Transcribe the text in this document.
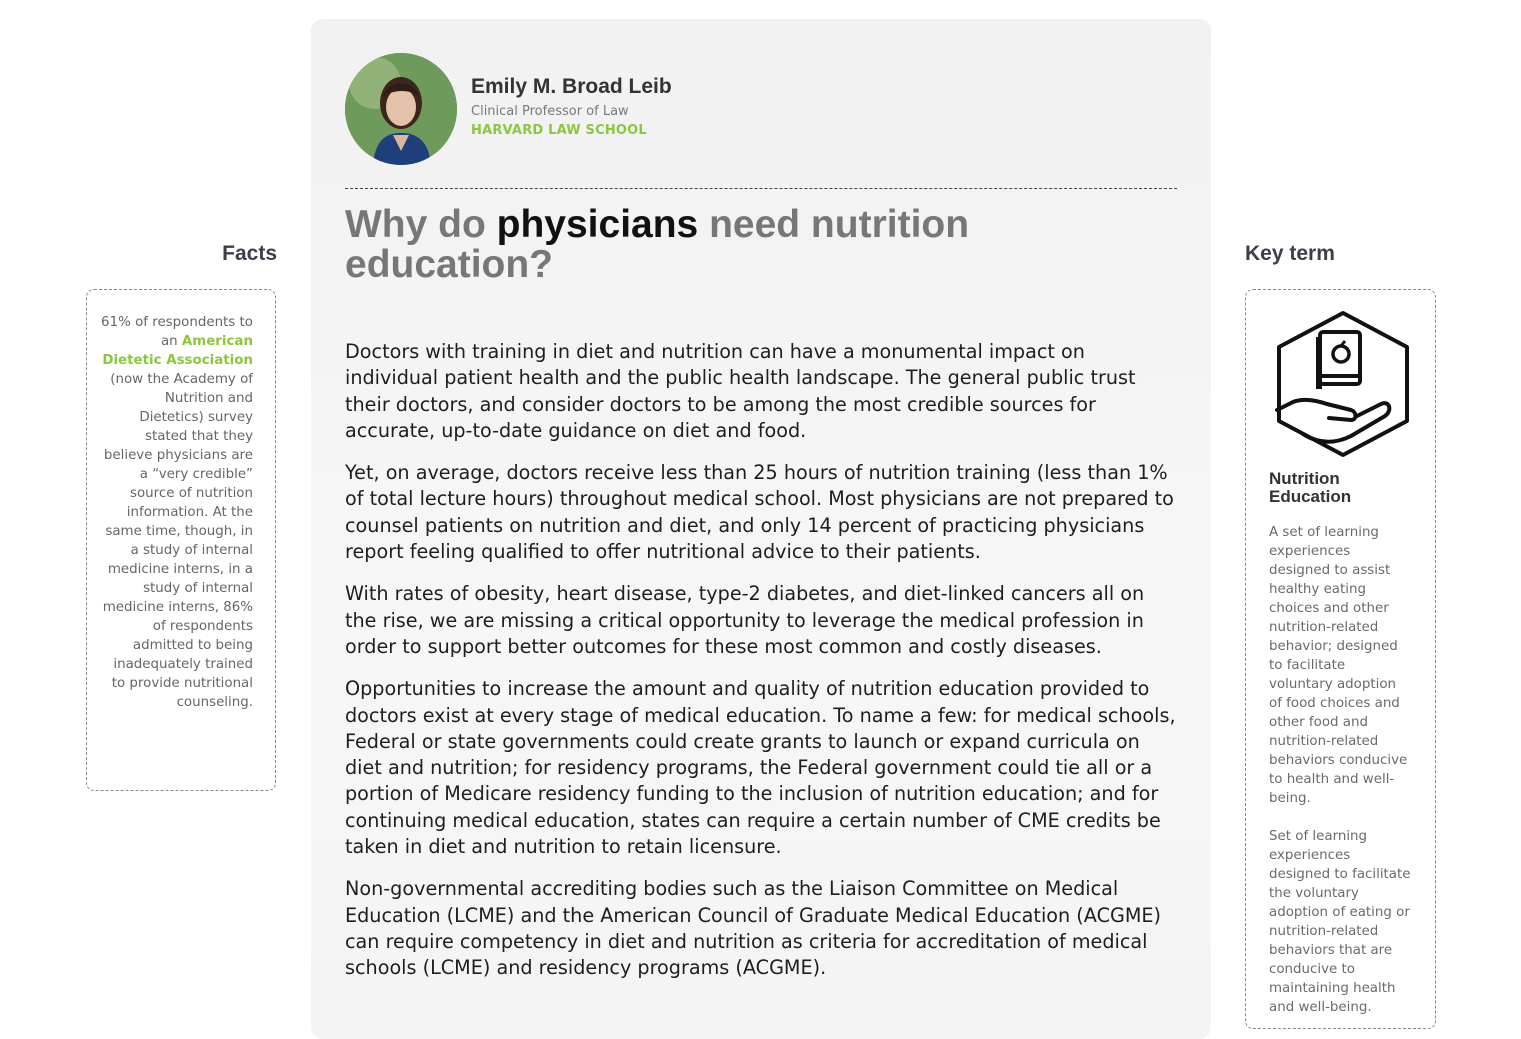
Emily M. Broad Leib
Clinical Professor of Law
HARVARD LAW SCHOOL
Why do physicians need nutrition education?

Doctors with training in diet and nutrition can have a monumental impact on individual patient health and the public health landscape. The general public trust their doctors, and consider doctors to be among the most credible sources for accurate, up-to-date guidance on diet and food.

Yet, on average, doctors receive less than 25 hours of nutrition training (less than 1% of total lecture hours) throughout medical school. Most physicians are not prepared to counsel patients on nutrition and diet, and only 14 percent of practicing physicians report feeling qualified to offer nutritional advice to their patients.

With rates of obesity, heart disease, type-2 diabetes, and diet-linked cancers all on the rise, we are missing a critical opportunity to leverage the medical profession in order to support better outcomes for these most common and costly diseases.

Opportunities to increase the amount and quality of nutrition education provided to doctors exist at every stage of medical education. To name a few: for medical schools, Federal or state governments could create grants to launch or expand curricula on diet and nutrition; for residency programs, the Federal government could tie all or a portion of Medicare residency funding to the inclusion of nutrition education; and for continuing medical education, states can require a certain number of CME credits be taken in diet and nutrition to retain licensure.

Non-governmental accrediting bodies such as the Liaison Committee on Medical Education (LCME) and the American Council of Graduate Medical Education (ACGME) can require competency in diet and nutrition as criteria for accreditation of medical schools (LCME) and residency programs (ACGME).

Facts
61% of respondents to an American Dietetic Association (now the Academy of Nutrition and Dietetics) survey stated that they believe physicians are a “very credible” source of nutrition information. At the same time, though, in a study of internal medicine interns, in a study of internal medicine interns, 86% of respondents admitted to being inadequately trained to provide nutritional counseling.
Key term
Nutrition Education

A set of learning experiences designed to assist healthy eating choices and other nutrition-related behavior; designed to facilitate voluntary adoption of food choices and other food and nutrition-related behaviors conducive to health and well-being.

Set of learning experiences designed to facilitate the voluntary adoption of eating or nutrition-related behaviors that are conducive to maintaining health and well-being.
